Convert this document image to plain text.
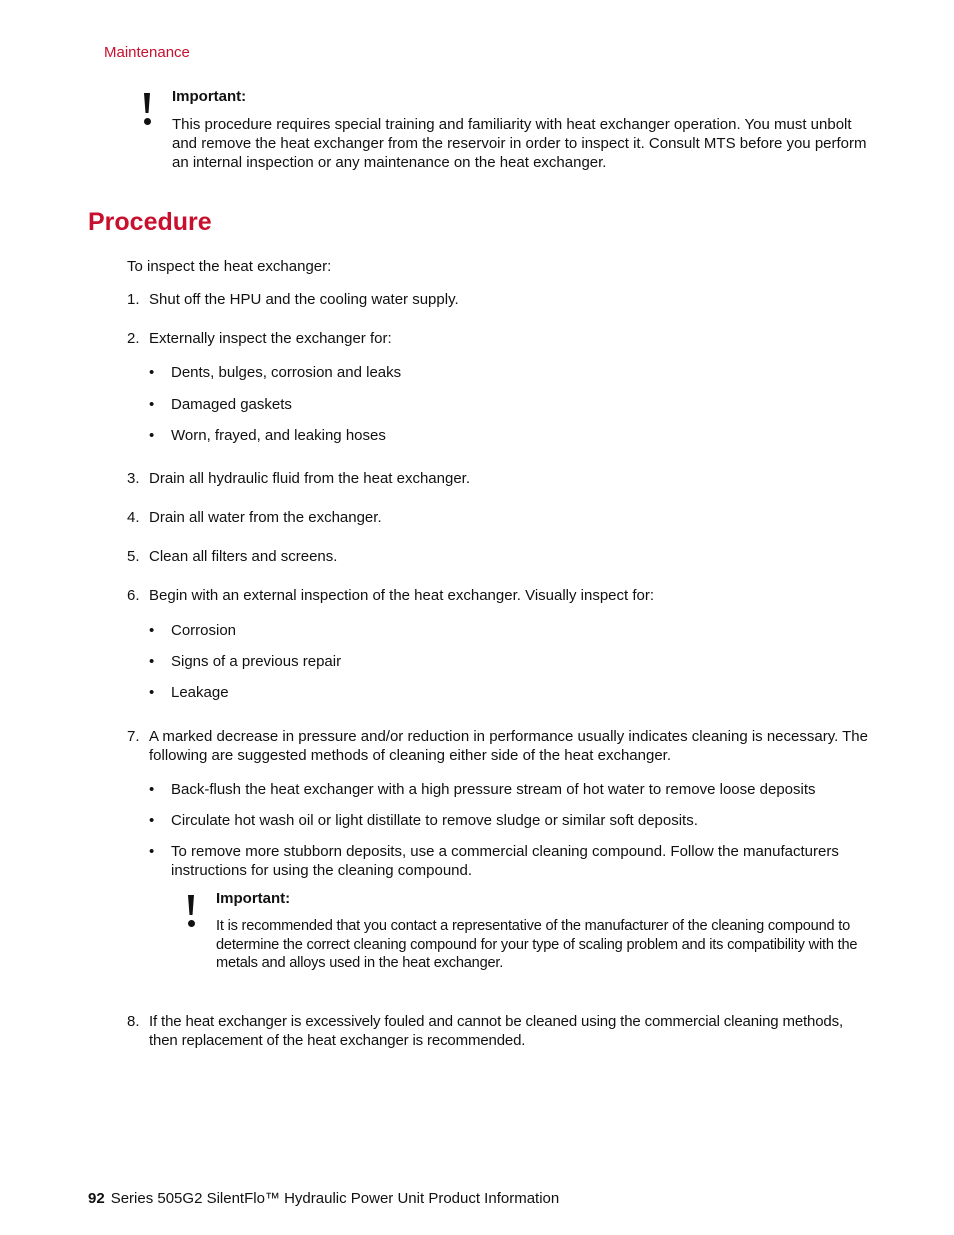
Maintenance
Important:
This procedure requires special training and familiarity with heat exchanger operation. You must unbolt and remove the heat exchanger from the reservoir in order to inspect it. Consult MTS before you perform an internal inspection or any maintenance on the heat exchanger.
Procedure
To inspect the heat exchanger:
1. Shut off the HPU and the cooling water supply.
2. Externally inspect the exchanger for:
•	Dents, bulges, corrosion and leaks
•	Damaged gaskets
•	Worn, frayed, and leaking hoses
3. Drain all hydraulic fluid from the heat exchanger.
4. Drain all water from the exchanger.
5. Clean all filters and screens.
6. Begin with an external inspection of the heat exchanger. Visually inspect for:
•	Corrosion
•	Signs of a previous repair
•	Leakage
7. A marked decrease in pressure and/or reduction in performance usually indicates cleaning is necessary. The following are suggested methods of cleaning either side of the heat exchanger.
•	Back-flush the heat exchanger with a high pressure stream of hot water to remove loose deposits
•	Circulate hot wash oil or light distillate to remove sludge or similar soft deposits.
•	To remove more stubborn deposits, use a commercial cleaning compound. Follow the manufacturers instructions for using the cleaning compound.
Important:
It is recommended that you contact a representative of the manufacturer of the cleaning compound to determine the correct cleaning compound for your type of scaling problem and its compatibility with the metals and alloys used in the heat exchanger.
8. If the heat exchanger is excessively fouled and cannot be cleaned using the commercial cleaning methods, then replacement of the heat exchanger is recommended.
92 Series 505G2 SilentFlo™ Hydraulic Power Unit Product Information
